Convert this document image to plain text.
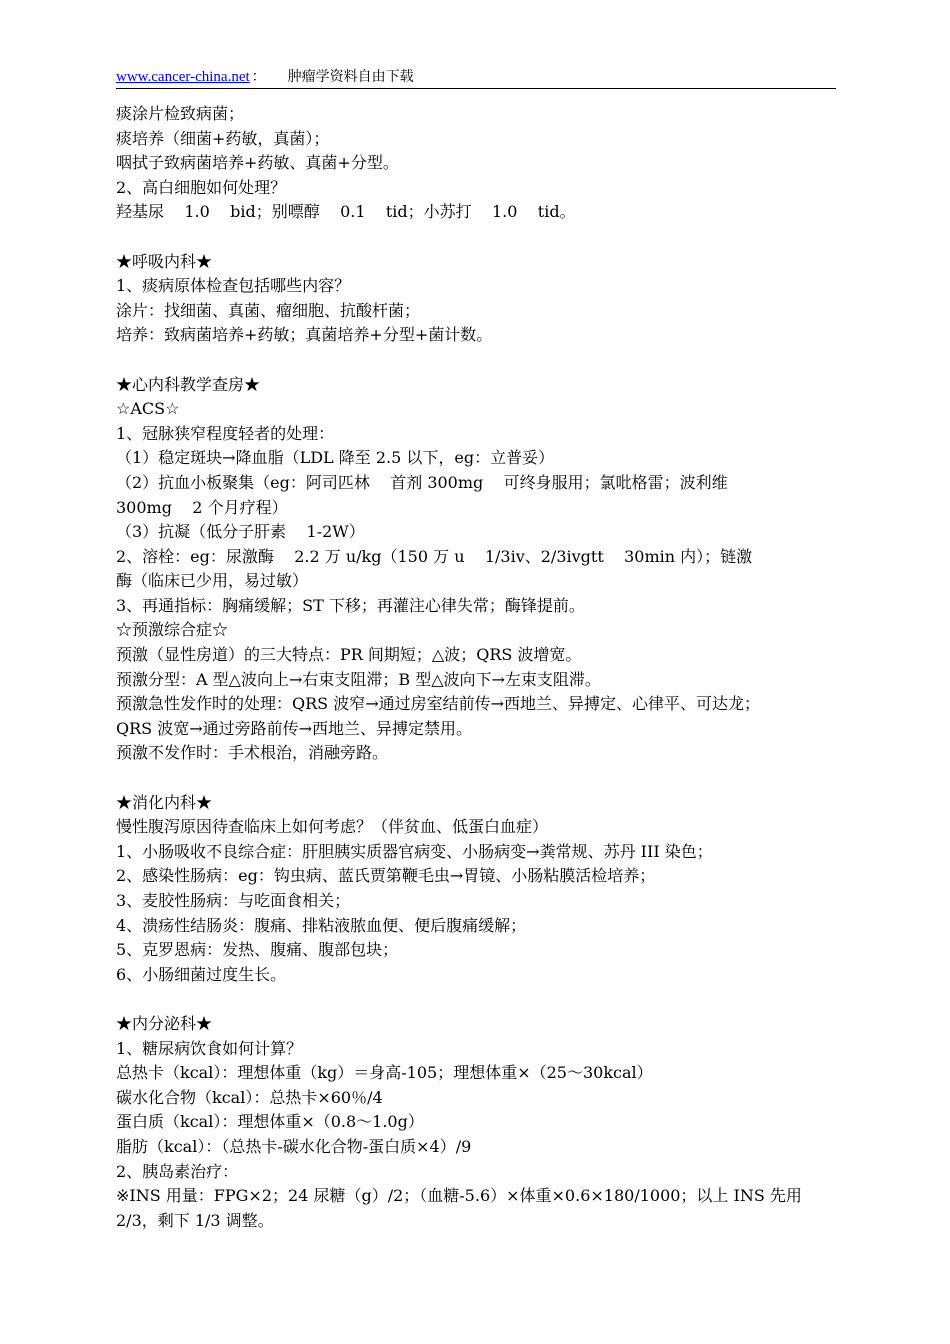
www.cancer-china.net ： 肿瘤学资料自由下载
痰涂片检致病菌；
痰培养（细菌+药敏，真菌）；
咽拭子致病菌培养+药敏、真菌+分型。
2、高白细胞如何处理？
羟基尿    1.0    bid；别嘌醇    0.1    tid；小苏打    1.0    tid。
★呼吸内科★
1、痰病原体检查包括哪些内容？
涂片：找细菌、真菌、瘤细胞、抗酸杆菌；
培养：致病菌培养+药敏；真菌培养+分型+菌计数。
★心内科教学查房★
☆ACS☆
1、冠脉狭窄程度轻者的处理：
（1）稳定斑块→降血脂（LDL 降至 2.5 以下，eg：立普妥）
（2）抗血小板聚集（eg：阿司匹林    首剂 300mg    可终身服用；氯吡格雷；波利维
300mg    2 个月疗程）
（3）抗凝（低分子肝素    1-2W）
2、溶栓：eg：尿激酶    2.2 万 u/kg（150 万 u    1/3iv、2/3ivgtt    30min 内）；链激
酶（临床已少用，易过敏）
3、再通指标：胸痛缓解；ST 下移；再灌注心律失常；酶锋提前。
☆预激综合症☆
预激（显性房道）的三大特点：PR 间期短；△波；QRS 波增宽。
预激分型：A 型△波向上→右束支阻滞；B 型△波向下→左束支阻滞。
预激急性发作时的处理：QRS 波窄→通过房室结前传→西地兰、异搏定、心律平、可达龙；
QRS 波宽→通过旁路前传→西地兰、异搏定禁用。
预激不发作时：手术根治，消融旁路。
★消化内科★
慢性腹泻原因待查临床上如何考虑？（伴贫血、低蛋白血症）
1、小肠吸收不良综合症：肝胆胰实质器官病变、小肠病变→粪常规、苏丹 III 染色；
2、感染性肠病：eg：钩虫病、蓝氏贾第鞭毛虫→胃镜、小肠粘膜活检培养；
3、麦胶性肠病：与吃面食相关；
4、溃疡性结肠炎：腹痛、排粘液脓血便、便后腹痛缓解；
5、克罗恩病：发热、腹痛、腹部包块；
6、小肠细菌过度生长。
★内分泌科★
1、糖尿病饮食如何计算？
总热卡（kcal）：理想体重（kg）＝身高-105；理想体重×（25～30kcal）
碳水化合物（kcal）：总热卡×60％/4
蛋白质（kcal）：理想体重×（0.8～1.0g）
脂肪（kcal）：（总热卡-碳水化合物-蛋白质×4）/9
2、胰岛素治疗：
※INS 用量：FPG×2；24 尿糖（g）/2；（血糖-5.6）×体重×0.6×180/1000；以上 INS 先用
2/3，剩下 1/3 调整。
